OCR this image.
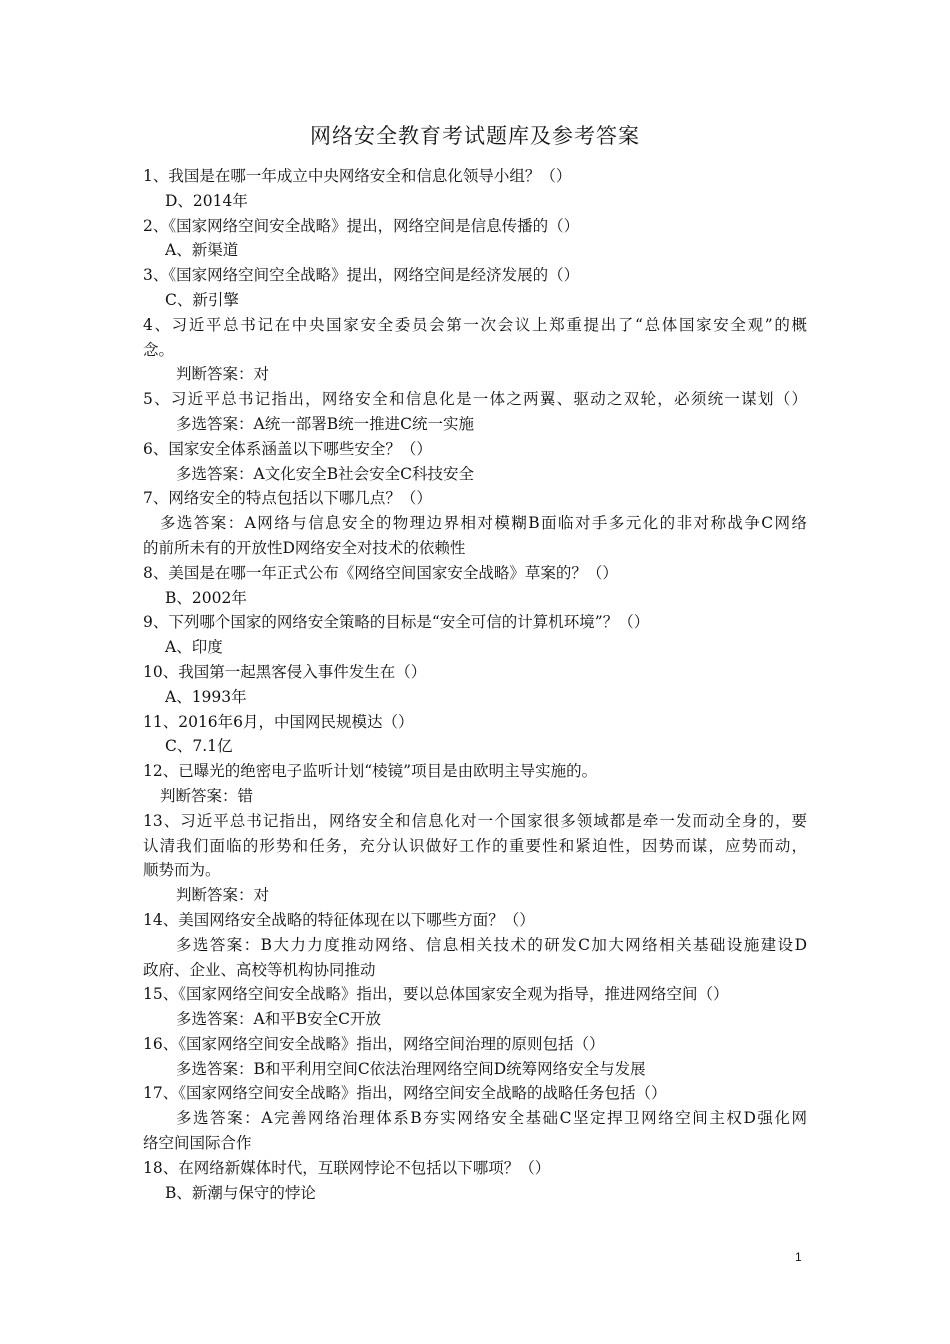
网络安全教育考试题库及参考答案
1、我国是在哪一年成立中央网络安全和信息化领导小组？（）
D、2014年
2、《国家网络空间安全战略》提出，网络空间是信息传播的（）
A、新渠道
3、《国家网络空间空全战略》提出，网络空间是经济发展的（）
C、新引擎
4、习近平总书记在中央国家安全委员会第一次会议上郑重提出了“总体国家安全观”的概
念。
判断答案：对
5、习近平总书记指出，网络安全和信息化是一体之两翼、驱动之双轮，必须统一谋划（）
多选答案：A统一部署B统一推进C统一实施
6、国家安全体系涵盖以下哪些安全？（）
多选答案：A文化安全B社会安全C科技安全
7、网络安全的特点包括以下哪几点？（）
多选答案：A网络与信息安全的物理边界相对模糊B面临对手多元化的非对称战争C网络
的前所未有的开放性D网络安全对技术的依赖性
8、美国是在哪一年正式公布《网络空间国家安全战略》草案的？（）
B、2002年
9、下列哪个国家的网络安全策略的目标是“安全可信的计算机环境”？（）
A、印度
10、我国第一起黑客侵入事件发生在（）
A、1993年
11、2016年6月，中国网民规模达（）
C、7.1亿
12、已曝光的绝密电子监听计划“棱镜”项目是由欧明主导实施的。
判断答案：错
13、习近平总书记指出，网络安全和信息化对一个国家很多领域都是牵一发而动全身的，要
认清我们面临的形势和任务，充分认识做好工作的重要性和紧迫性，因势而谋，应势而动，
顺势而为。
判断答案：对
14、美国网络安全战略的特征体现在以下哪些方面？（）
多选答案：B大力力度推动网络、信息相关技术的研发C加大网络相关基础设施建设D
政府、企业、高校等机构协同推动
15、《国家网络空间安全战略》指出，要以总体国家安全观为指导，推进网络空间（）
多选答案：A和平B安全C开放
16、《国家网络空间安全战略》指出，网络空间治理的原则包括（）
多选答案：B和平利用空间C依法治理网络空间D统筹网络安全与发展
17、《国家网络空间安全战略》指出，网络空间安全战略的战略任务包括（）
多选答案：A完善网络治理体系B夯实网络安全基础C坚定捍卫网络空间主权D强化网
络空间国际合作
18、在网络新媒体时代，互联网悖论不包括以下哪项？（）
B、新潮与保守的悖论
1
